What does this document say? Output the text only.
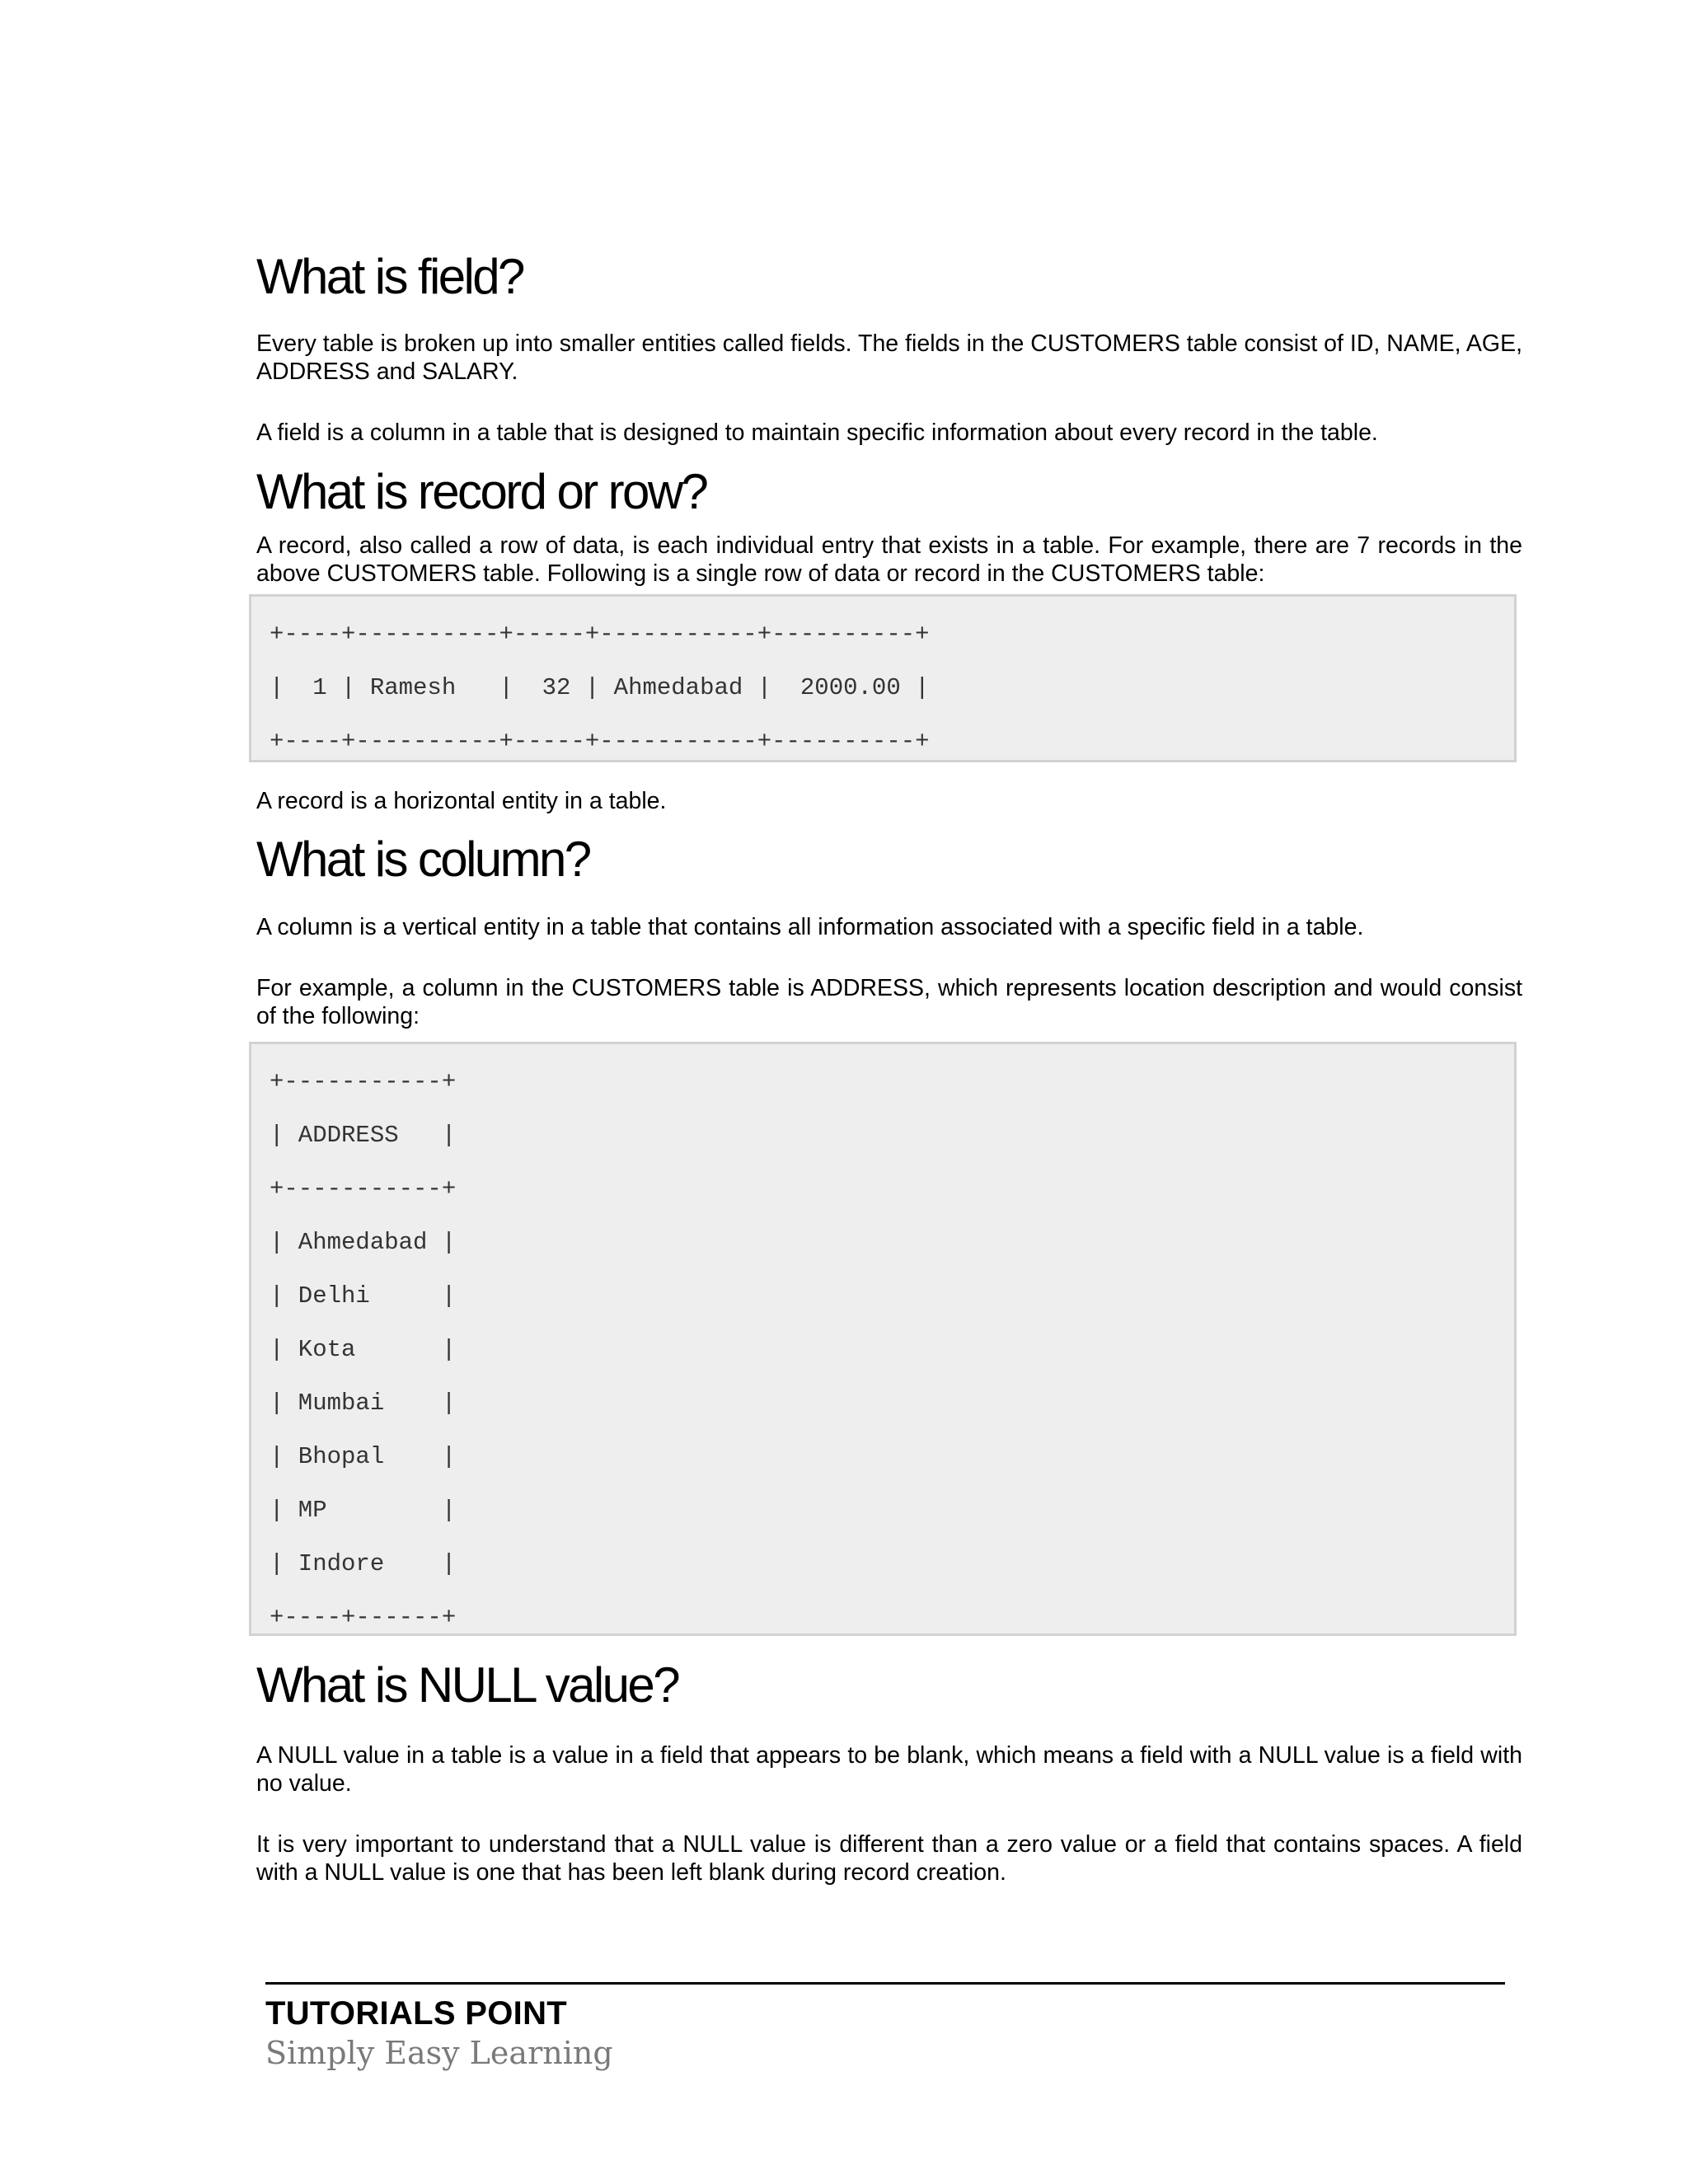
What is field?

Every table is broken up into smaller entities called fields. The fields in the CUSTOMERS table consist of ID, NAME, AGE, ADDRESS and SALARY.

A field is a column in a table that is designed to maintain specific information about every record in the table.

What is record or row?

A record, also called a row of data, is each individual entry that exists in a table. For example, there are 7 records in the above CUSTOMERS table. Following is a single row of data or record in the CUSTOMERS table:

+----+----------+-----+-----------+----------+
|  1 | Ramesh   |  32 | Ahmedabad |  2000.00 |
+----+----------+-----+-----------+----------+

A record is a horizontal entity in a table.

What is column?

A column is a vertical entity in a table that contains all information associated with a specific field in a table.

For example, a column in the CUSTOMERS table is ADDRESS, which represents location description and would consist of the following:

+-----------+
| ADDRESS   |
+-----------+
| Ahmedabad |
| Delhi     |
| Kota      |
| Mumbai    |
| Bhopal    |
| MP        |
| Indore    |
+----+------+
What is NULL value?

A NULL value in a table is a value in a field that appears to be blank, which means a field with a NULL value is a field with no value.

It is very important to understand that a NULL value is different than a zero value or a field that contains spaces. A field with a NULL value is one that has been left blank during record creation.

TUTORIALS POINT
Simply Easy Learning
